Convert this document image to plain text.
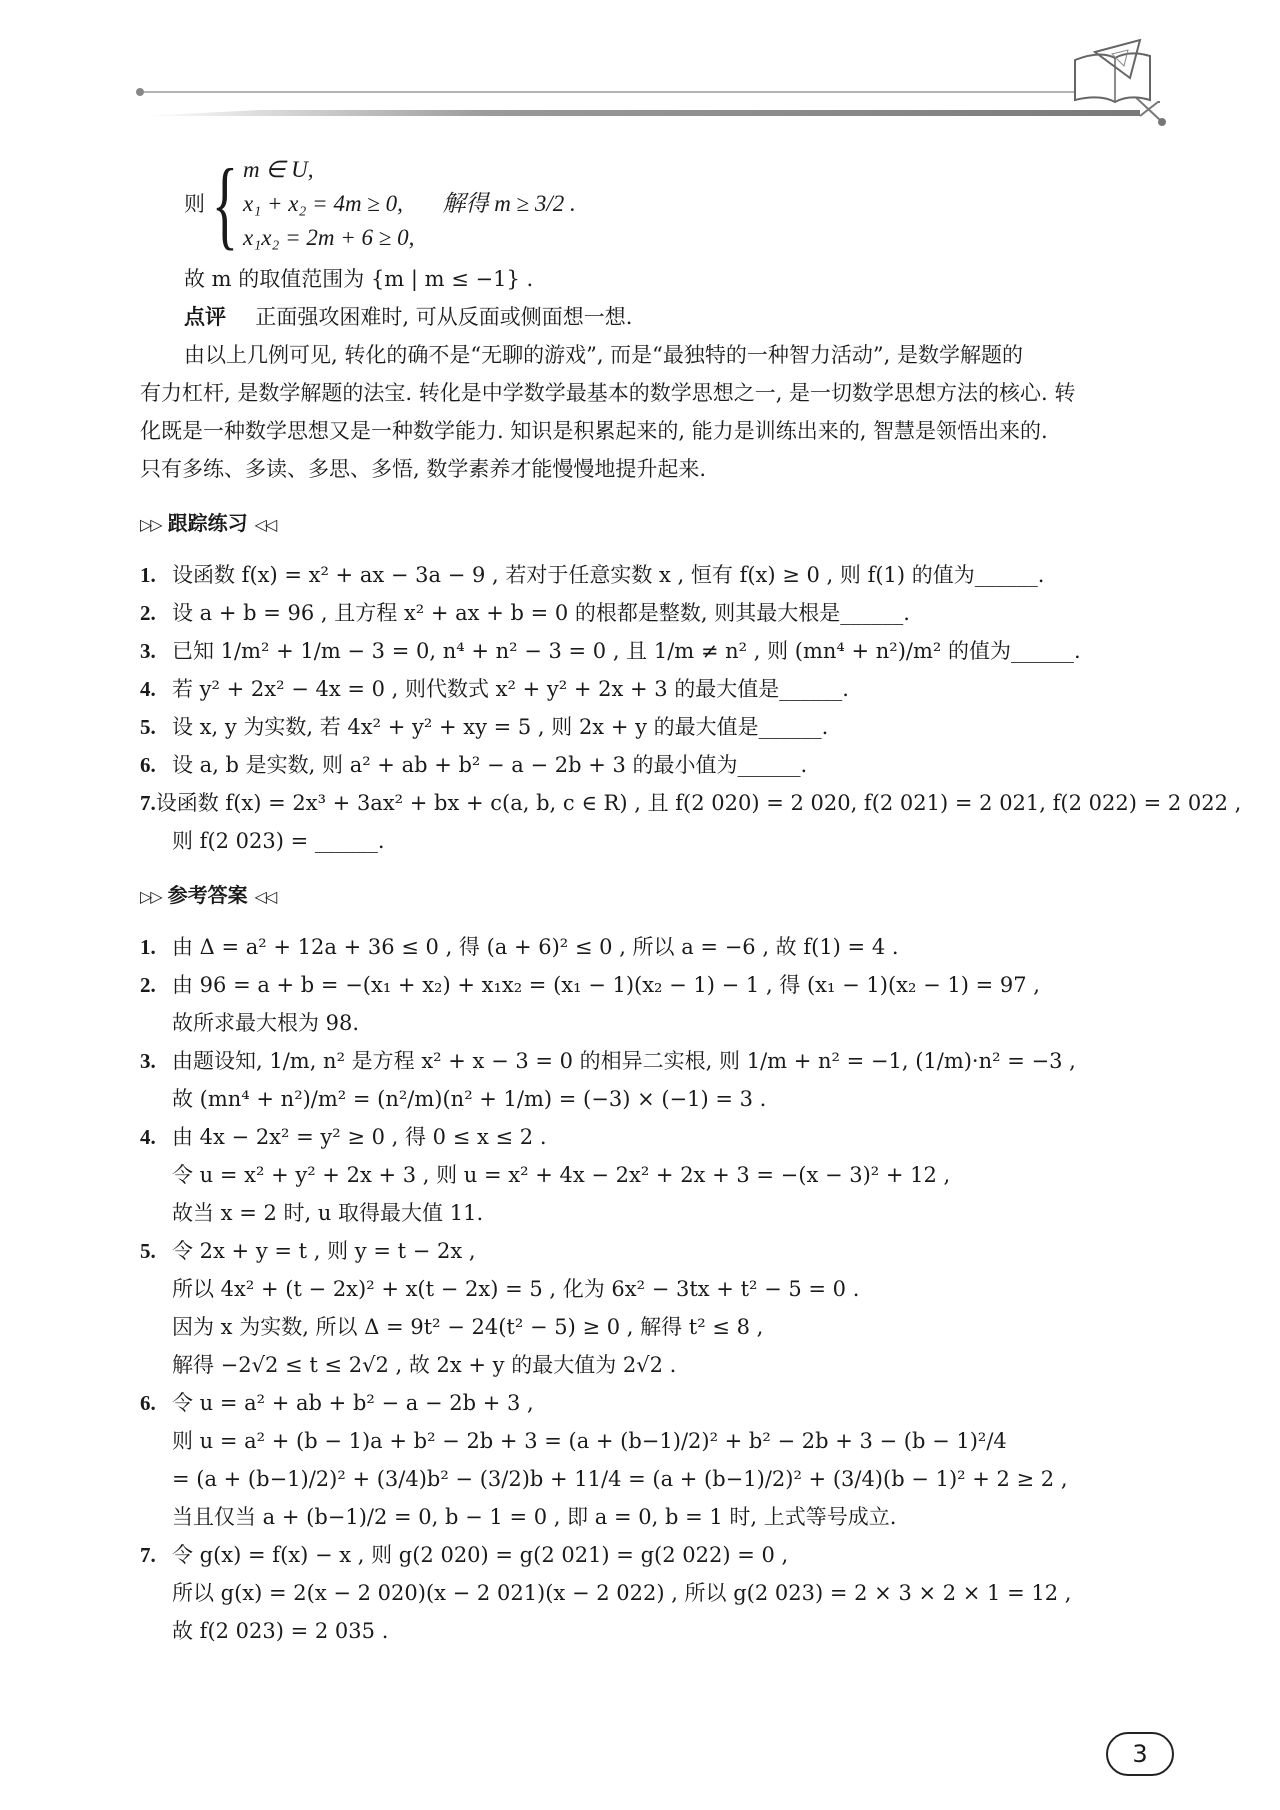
则 { m ∈ U,
x₁ + x₂ = 4m ≥ 0,
x₁x₂ = 2m + 6 ≥ 0,
解得 m ≥ 3/2 .
故 m 的取值范围为 {m | m ≤ −1} .
点评 正面强攻困难时, 可从反面或侧面想一想.
由以上几例可见, 转化的确不是“无聊的游戏”, 而是“最独特的一种智力活动”, 是数学解题的
有力杠杆, 是数学解题的法宝. 转化是中学数学最基本的数学思想之一, 是一切数学思想方法的核心. 转
化既是一种数学思想又是一种数学能力. 知识是积累起来的, 能力是训练出来的, 智慧是领悟出来的.
只有多练、多读、多思、多悟, 数学素养才能慢慢地提升起来.
▷▷ 跟踪练习 ◁◁
1. 设函数 f(x) = x² + ax − 3a − 9 , 若对于任意实数 x , 恒有 f(x) ≥ 0 , 则 f(1) 的值为______.
2. 设 a + b = 96 , 且方程 x² + ax + b = 0 的根都是整数, 则其最大根是______.
3. 已知 1/m² + 1/m − 3 = 0, n⁴ + n² − 3 = 0 , 且 1/m ≠ n² , 则 (mn⁴ + n²)/m² 的值为______.
4. 若 y² + 2x² − 4x = 0 , 则代数式 x² + y² + 2x + 3 的最大值是______.
5. 设 x, y 为实数, 若 4x² + y² + xy = 5 , 则 2x + y 的最大值是______.
6. 设 a, b 是实数, 则 a² + ab + b² − a − 2b + 3 的最小值为______.
7. 设函数 f(x) = 2x³ + 3ax² + bx + c(a, b, c ∈ R) , 且 f(2 020) = 2 020, f(2 021) = 2 021, f(2 022) = 2 022 ,
则 f(2 023) = ______.
▷▷ 参考答案 ◁◁
1. 由 Δ = a² + 12a + 36 ≤ 0 , 得 (a + 6)² ≤ 0 , 所以 a = −6 , 故 f(1) = 4 .
2. 由 96 = a + b = −(x₁ + x₂) + x₁x₂ = (x₁ − 1)(x₂ − 1) − 1 , 得 (x₁ − 1)(x₂ − 1) = 97 ,
故所求最大根为 98.
3. 由题设知, 1/m, n² 是方程 x² + x − 3 = 0 的相异二实根, 则 1/m + n² = −1, (1/m)·n² = −3 ,
故 (mn⁴ + n²)/m² = (n²/m)(n² + 1/m) = (−3) × (−1) = 3 .
4. 由 4x − 2x² = y² ≥ 0 , 得 0 ≤ x ≤ 2 .
令 u = x² + y² + 2x + 3 , 则 u = x² + 4x − 2x² + 2x + 3 = −(x − 3)² + 12 ,
故当 x = 2 时, u 取得最大值 11.
5. 令 2x + y = t , 则 y = t − 2x ,
所以 4x² + (t − 2x)² + x(t − 2x) = 5 , 化为 6x² − 3tx + t² − 5 = 0 .
因为 x 为实数, 所以 Δ = 9t² − 24(t² − 5) ≥ 0 , 解得 t² ≤ 8 ,
解得 −2√2 ≤ t ≤ 2√2 , 故 2x + y 的最大值为 2√2 .
6. 令 u = a² + ab + b² − a − 2b + 3 ,
则 u = a² + (b − 1)a + b² − 2b + 3 = (a + (b−1)/2)² + b² − 2b + 3 − (b − 1)²/4
= (a + (b−1)/2)² + (3/4)b² − (3/2)b + 11/4 = (a + (b−1)/2)² + (3/4)(b − 1)² + 2 ≥ 2 ,
当且仅当 a + (b−1)/2 = 0, b − 1 = 0 , 即 a = 0, b = 1 时, 上式等号成立.
7. 令 g(x) = f(x) − x , 则 g(2 020) = g(2 021) = g(2 022) = 0 ,
所以 g(x) = 2(x − 2 020)(x − 2 021)(x − 2 022) , 所以 g(2 023) = 2 × 3 × 2 × 1 = 12 ,
故 f(2 023) = 2 035 .
3
